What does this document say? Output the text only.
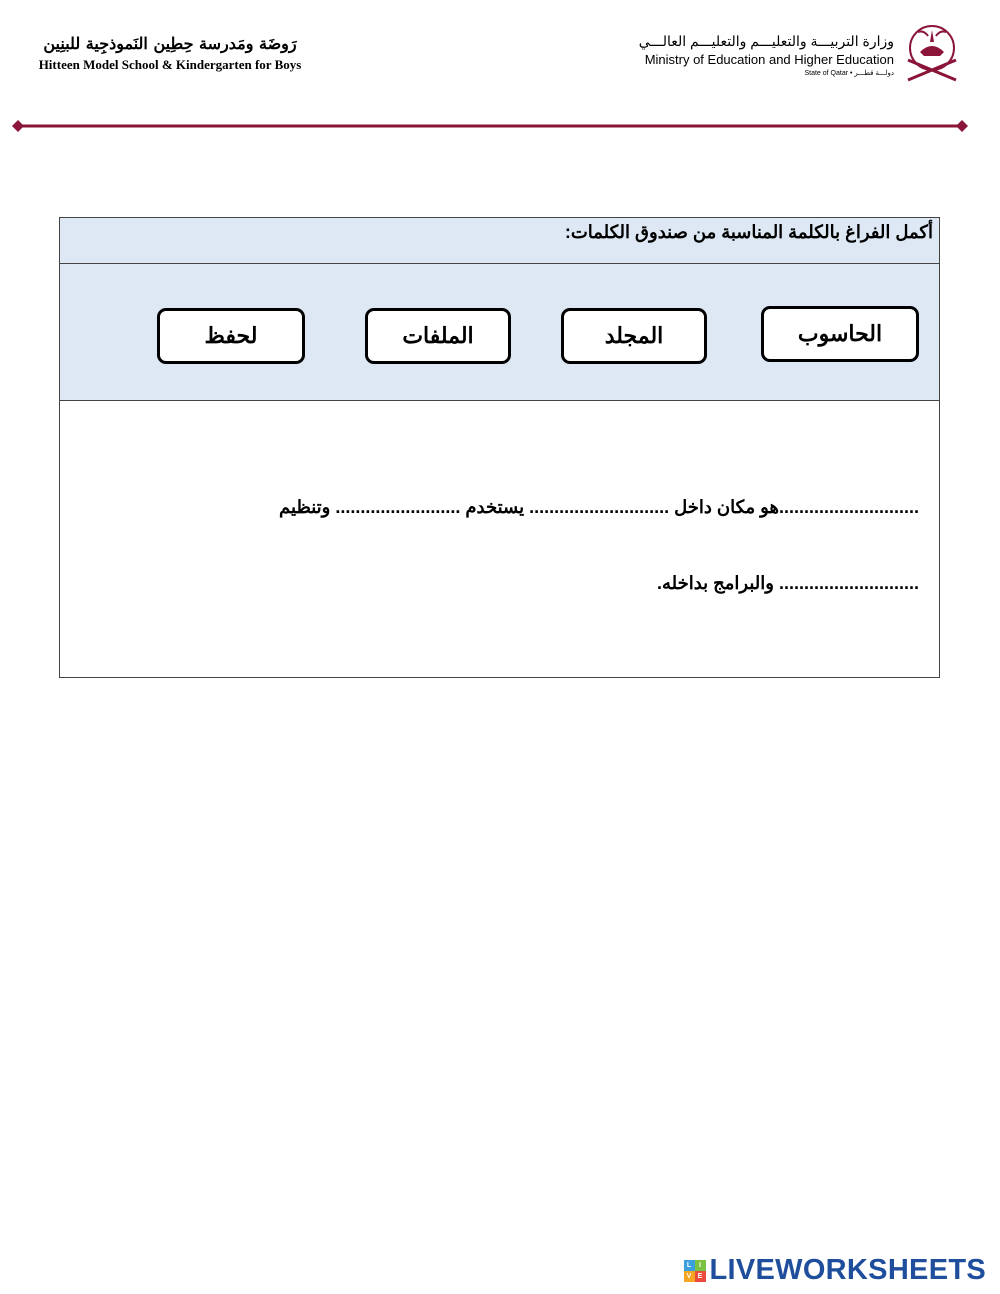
رَوضَة ومَدرسة حِطِين النَموذجِية للبنِين
Hitteen Model School & Kindergarten for Boys
وزارة التربيـــة والتعليـــم والتعليـــم العالـــي
Ministry of Education and Higher Education
State of Qatar • دولـــة قطـــر
أكمل الفراغ بالكلمة المناسبة من صندوق الكلمات:
الحاسوب
المجلد
الملفات
لحفظ
............................هو مكان داخل ............................ يستخدم ......................... وتنظيم
............................ والبرامج بداخله.
L	I
V E LIVEWORKSHEETS
